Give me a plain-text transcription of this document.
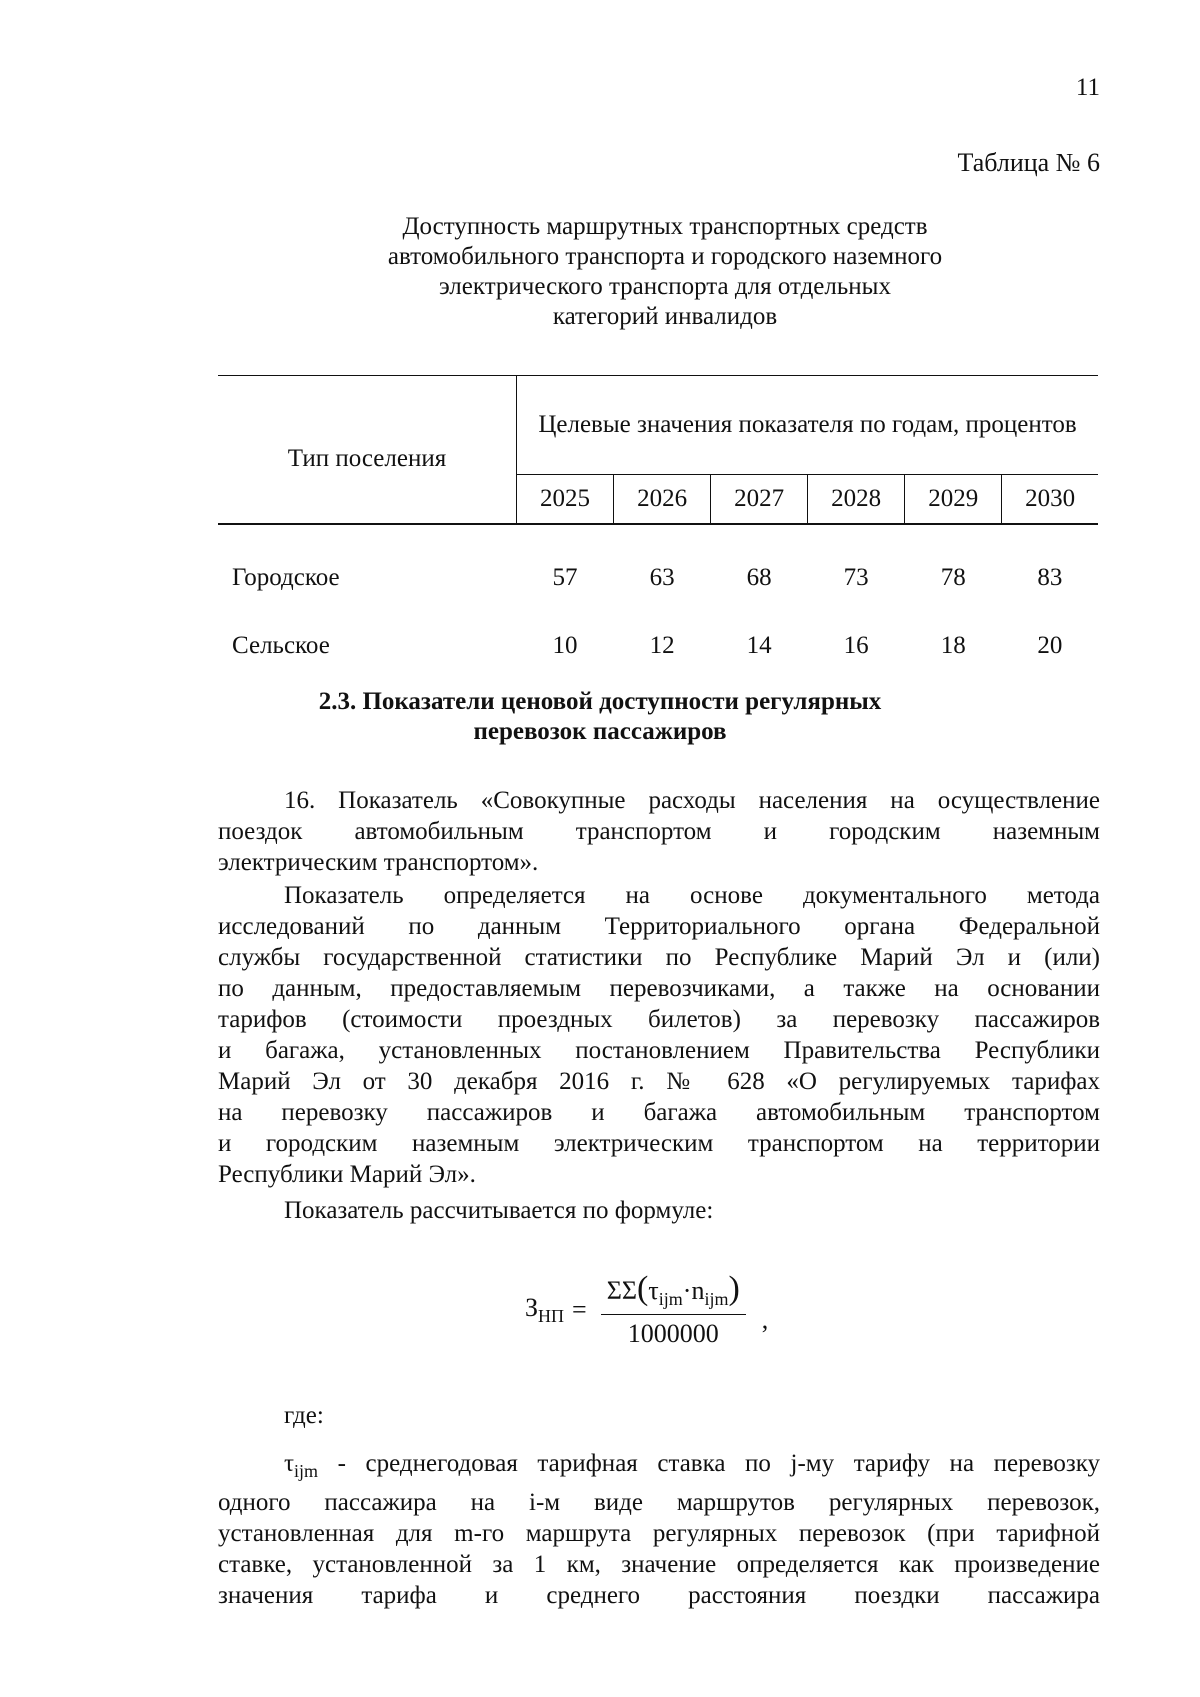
11
Таблица № 6
Доступность маршрутных транспортных средств
автомобильного транспорта и городского наземного
электрического транспорта для отдельных
категорий инвалидов
Тип поселения	Целевые значения показателя по годам, процентов					
	2025	2026	2027	2028	2029	2030
Городское	57	63	68	73	78	83
Сельское	10	12	14	16	18	20
2.3. Показатели ценовой доступности регулярных
перевозок пассажиров
16. Показатель «Совокупные расходы населения на осуществление
поездок автомобильным транспортом и городским наземным
электрическим транспортом».
Показатель определяется на основе документального метода
исследований по данным Территориального органа Федеральной
службы государственной статистики по Республике Марий Эл и (или)
по данным, предоставляемым перевозчиками, а также на основании
тарифов (стоимости проездных билетов) за перевозку пассажиров
и багажа, установленных постановлением Правительства Республики
Марий Эл от 30 декабря 2016 г. № 628 «О регулируемых тарифах
на перевозку пассажиров и багажа автомобильным транспортом
и городским наземным электрическим транспортом на территории
Республики Марий Эл».
Показатель рассчитывается по формуле:
$З_{НП} = \frac{\Sigma\Sigma(\tau_{ijm}\cdot n_{ijm})}{1000000}$ ,
где:
$\tau_{ijm}$ - среднегодовая тарифная ставка по j-му тарифу на перевозку
одного пассажира на i-м виде маршрутов регулярных перевозок,
установленная для m-го маршрута регулярных перевозок (при тарифной
ставке, установленной за 1 км, значение определяется как произведение
значения тарифа и среднего расстояния поездки пассажира
